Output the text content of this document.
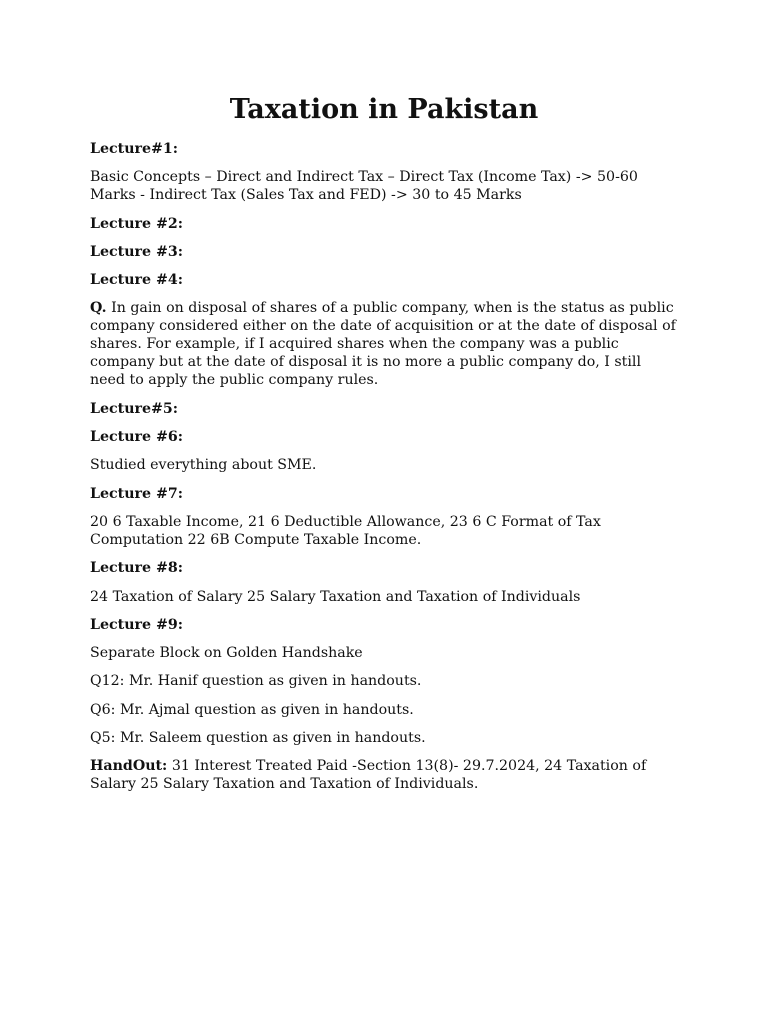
Taxation in Pakistan

Lecture#1:

Basic Concepts – Direct and Indirect Tax – Direct Tax (Income Tax) -> 50-60 Marks - Indirect Tax (Sales Tax and FED) -> 30 to 45 Marks

Lecture #2:

Lecture #3:

Lecture #4:

Q. In gain on disposal of shares of a public company, when is the status as public company considered either on the date of acquisition or at the date of disposal of shares. For example, if I acquired shares when the company was a public company but at the date of disposal it is no more a public company do, I still need to apply the public company rules.

Lecture#5:

Lecture #6:

Studied everything about SME.

Lecture #7:

20 6 Taxable Income, 21 6 Deductible Allowance, 23 6 C Format of Tax Computation 22 6B Compute Taxable Income.

Lecture #8:

24 Taxation of Salary 25 Salary Taxation and Taxation of Individuals

Lecture #9:

Separate Block on Golden Handshake

Q12: Mr. Hanif question as given in handouts.

Q6: Mr. Ajmal question as given in handouts.

Q5: Mr. Saleem question as given in handouts.

HandOut: 31 Interest Treated Paid -Section 13(8)- 29.7.2024, 24 Taxation of Salary 25 Salary Taxation and Taxation of Individuals.
